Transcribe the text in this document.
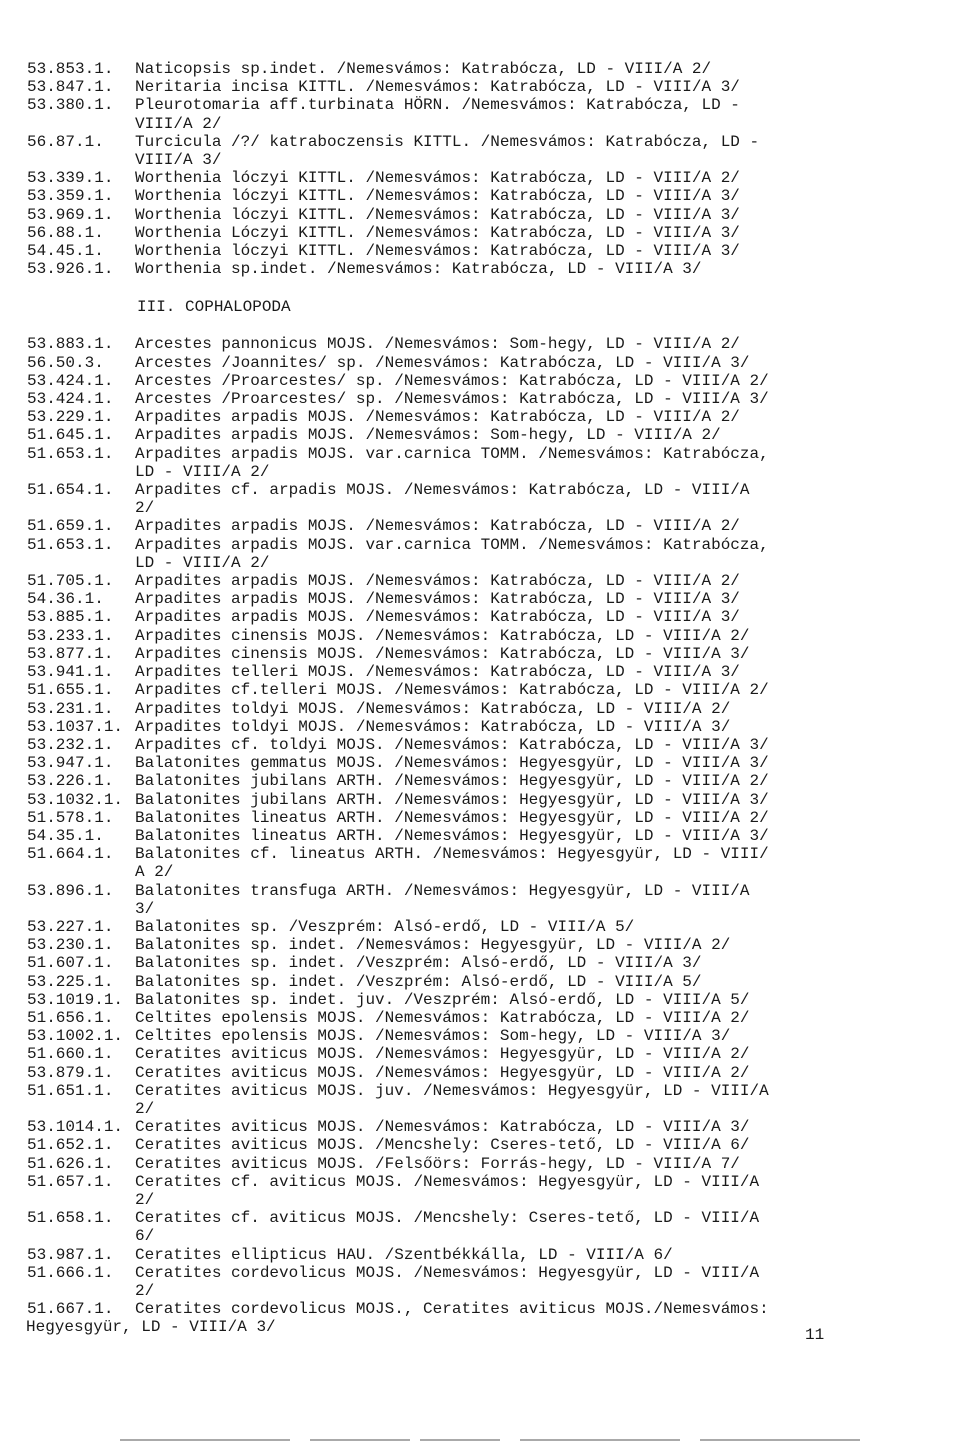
53.853.1.	Naticopsis sp.indet. /Nemesvámos: Katrabócza, LD - VIII/A 2/
53.847.1.	Neritaria incisa KITTL. /Nemesvámos: Katrabócza, LD - VIII/A 3/
53.380.1.	Pleurotomaria aff.turbinata HÖRN. /Nemesvámos: Katrabócza, LD -
VIII/A 2/
56.87.1.	Turcicula /?/ katraboczensis KITTL. /Nemesvámos: Katrabócza, LD -
VIII/A 3/
53.339.1.	Worthenia lóczyi KITTL. /Nemesvámos: Katrabócza, LD - VIII/A 2/
53.359.1.	Worthenia lóczyi KITTL. /Nemesvámos: Katrabócza, LD - VIII/A 3/
53.969.1.	Worthenia lóczyi KITTL. /Nemesvámos: Katrabócza, LD - VIII/A 3/
56.88.1.	Worthenia Lóczyi KITTL. /Nemesvámos: Katrabócza, LD - VIII/A 3/
54.45.1.	Worthenia lóczyi KITTL. /Nemesvámos: Katrabócza, LD - VIII/A 3/
53.926.1.	Worthenia sp.indet. /Nemesvámos: Katrabócza, LD - VIII/A 3/
III. COPHALOPODA
53.883.1.	Arcestes pannonicus MOJS. /Nemesvámos: Som-hegy, LD - VIII/A 2/
56.50.3.	Arcestes /Joannites/ sp. /Nemesvámos: Katrabócza, LD - VIII/A 3/
53.424.1.	Arcestes /Proarcestes/ sp. /Nemesvámos: Katrabócza, LD - VIII/A 2/
53.424.1.	Arcestes /Proarcestes/ sp. /Nemesvámos: Katrabócza, LD - VIII/A 3/
53.229.1.	Arpadites arpadis MOJS. /Nemesvámos: Katrabócza, LD - VIII/A 2/
51.645.1.	Arpadites arpadis MOJS. /Nemesvámos: Som-hegy, LD - VIII/A 2/
51.653.1.	Arpadites arpadis MOJS. var.carnica TOMM. /Nemesvámos: Katrabócza,
LD - VIII/A 2/
51.654.1.	Arpadites cf. arpadis MOJS. /Nemesvámos: Katrabócza, LD - VIII/A
2/
51.659.1.	Arpadites arpadis MOJS. /Nemesvámos: Katrabócza, LD - VIII/A 2/
51.653.1.	Arpadites arpadis MOJS. var.carnica TOMM. /Nemesvámos: Katrabócza,
LD - VIII/A 2/
51.705.1.	Arpadites arpadis MOJS. /Nemesvámos: Katrabócza, LD - VIII/A 2/
54.36.1.	Arpadites arpadis MOJS. /Nemesvámos: Katrabócza, LD - VIII/A 3/
53.885.1.	Arpadites arpadis MOJS. /Nemesvámos: Katrabócza, LD - VIII/A 3/
53.233.1.	Arpadites cinensis MOJS. /Nemesvámos: Katrabócza, LD - VIII/A 2/
53.877.1.	Arpadites cinensis MOJS. /Nemesvámos: Katrabócza, LD - VIII/A 3/
53.941.1.	Arpadites telleri MOJS. /Nemesvámos: Katrabócza, LD - VIII/A 3/
51.655.1.	Arpadites cf.telleri MOJS. /Nemesvámos: Katrabócza, LD - VIII/A 2/
53.231.1.	Arpadites toldyi MOJS. /Nemesvámos: Katrabócza, LD - VIII/A 2/
53.1037.1. Arpadites toldyi MOJS. /Nemesvámos: Katrabócza, LD - VIII/A 3/
53.232.1.	Arpadites cf. toldyi MOJS. /Nemesvámos: Katrabócza, LD - VIII/A 3/
53.947.1.	Balatonites gemmatus MOJS. /Nemesvámos: Hegyesgyür, LD - VIII/A 3/
53.226.1.	Balatonites jubilans ARTH. /Nemesvámos: Hegyesgyür, LD - VIII/A 2/
53.1032.1. Balatonites jubilans ARTH. /Nemesvámos: Hegyesgyür, LD - VIII/A 3/
51.578.1.	Balatonites lineatus ARTH. /Nemesvámos: Hegyesgyür, LD - VIII/A 2/
54.35.1.	Balatonites lineatus ARTH. /Nemesvámos: Hegyesgyür, LD - VIII/A 3/
51.664.1.	Balatonites cf. lineatus ARTH. /Nemesvámos: Hegyesgyür, LD - VIII/
A 2/
53.896.1.	Balatonites transfuga ARTH. /Nemesvámos: Hegyesgyür, LD - VIII/A
3/
53.227.1.	Balatonites sp. /Veszprém: Alsó-erdő, LD - VIII/A 5/
53.230.1.	Balatonites sp. indet. /Nemesvámos: Hegyesgyür, LD - VIII/A 2/
51.607.1.	Balatonites sp. indet. /Veszprém: Alsó-erdő, LD - VIII/A 3/
53.225.1.	Balatonites sp. indet. /Veszprém: Alsó-erdő, LD - VIII/A 5/
53.1019.1. Balatonites sp. indet. juv. /Veszprém: Alsó-erdő, LD - VIII/A 5/
51.656.1.	Celtites epolensis MOJS. /Nemesvámos: Katrabócza, LD - VIII/A 2/
53.1002.1. Celtites epolensis MOJS. /Nemesvámos: Som-hegy, LD - VIII/A 3/
51.660.1.	Ceratites aviticus MOJS. /Nemesvámos: Hegyesgyür, LD - VIII/A 2/
53.879.1.	Ceratites aviticus MOJS. /Nemesvámos: Hegyesgyür, LD - VIII/A 2/
51.651.1.	Ceratites aviticus MOJS. juv. /Nemesvámos: Hegyesgyür, LD - VIII/A
2/
53.1014.1. Ceratites aviticus MOJS. /Nemesvámos: Katrabócza, LD - VIII/A 3/
51.652.1.	Ceratites aviticus MOJS. /Mencshely: Cseres-tető, LD - VIII/A 6/
51.626.1.	Ceratites aviticus MOJS. /Felsőörs: Forrás-hegy, LD - VIII/A 7/
51.657.1.	Ceratites cf. aviticus MOJS. /Nemesvámos: Hegyesgyür, LD - VIII/A
2/
51.658.1.	Ceratites cf. aviticus MOJS. /Mencshely: Cseres-tető, LD - VIII/A
6/
53.987.1.	Ceratites ellipticus HAU. /Szentbékkálla, LD - VIII/A 6/
51.666.1.	Ceratites cordevolicus MOJS. /Nemesvámos: Hegyesgyür, LD - VIII/A
2/
51.667.1.	Ceratites cordevolicus MOJS., Ceratites aviticus MOJS./Nemesvámos:
Hegyesgyür, LD - VIII/A 3/	11
